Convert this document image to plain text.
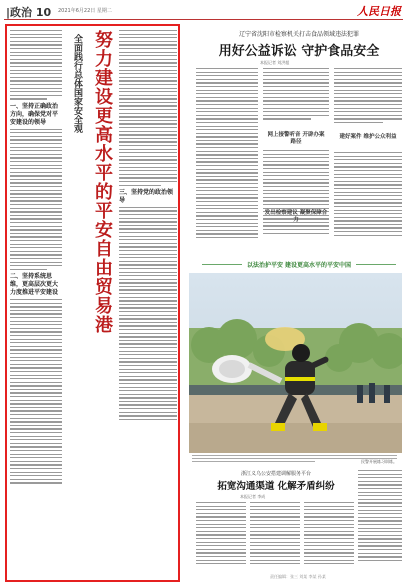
|政治 10 2021年6月22日 星期二	人民日报
一、坚持正确政治方向，确保党对平安建设的领导
二、坚持系统思维，更高层次更大力度推进平安建设
全面践行总体国家安全观 努力建设更高水平的平安自由贸易港	三、坚持党的政治领导
辽宁省沈阳市检察机关打击食品领域违法犯罪
用好公益诉讼 守护食品安全
本报记者 刘洪超
网上接警听音 开辟办案路径
建好案件 维护公众利益
发出检察建议 凝聚保障合力
以法治护平安 建设更高水平的平安中国
民警开展练习训练。
浙江义乌公安搭建调解服务平台
拓宽沟通渠道 化解矛盾纠纷
本报记者 李成
责任编辑：张三 刘某 李某 孙某
